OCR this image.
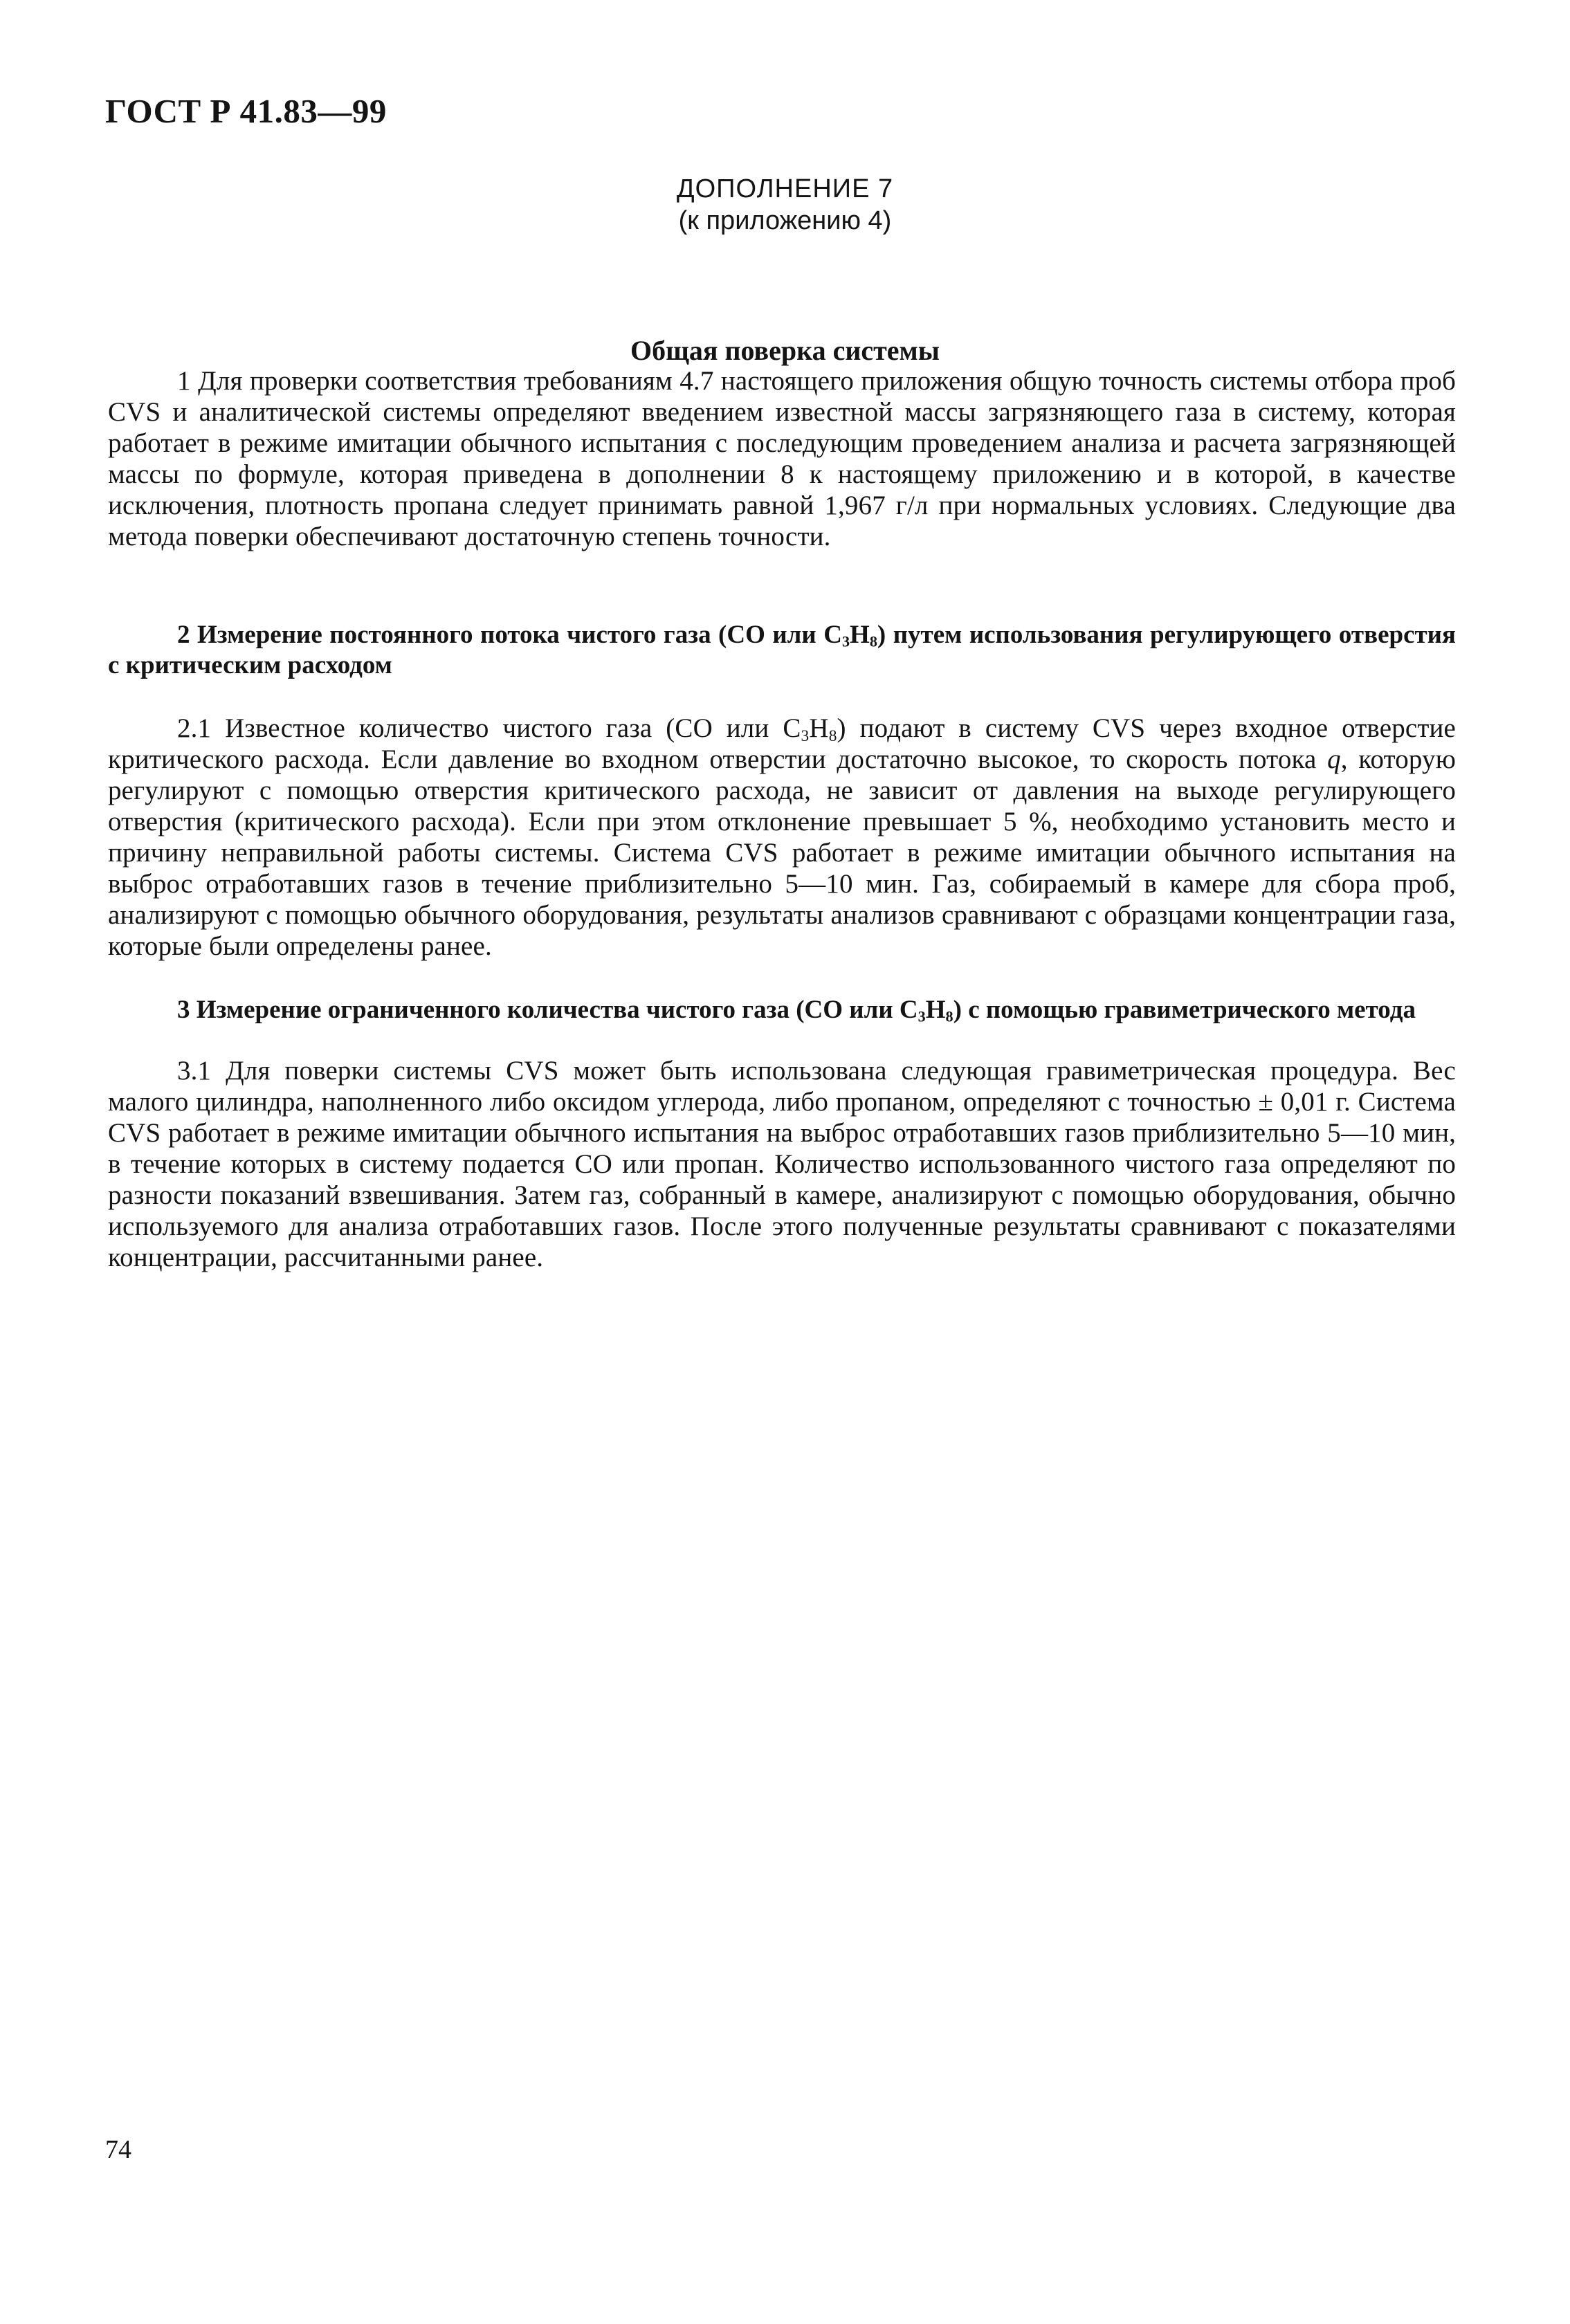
ГОСТ Р 41.83—99
ДОПОЛНЕНИЕ 7
(к приложению 4)
Общая поверка системы
1 Для проверки соответствия требованиям 4.7 настоящего приложения общую точность системы отбора проб CVS и аналитической системы определяют введением известной массы загрязняющего газа в систему, которая работает в режиме имитации обычного испытания с последующим проведением анализа и расчета загрязняющей массы по формуле, которая приведена в дополнении 8 к настоящему приложению и в которой, в качестве исключения, плотность пропана следует принимать равной 1,967 г/л при нормальных условиях. Следующие два метода поверки обеспечивают достаточную степень точности.
2 Измерение постоянного потока чистого газа (СО или $С_3Н_8$) путем использования регулирующего отверстия с критическим расходом
2.1 Известное количество чистого газа (СО или $С_3Н_8$) подают в систему CVS через входное отверстие критического расхода. Если давление во входном отверстии достаточно высокое, то скорость потока q, которую регулируют с помощью отверстия критического расхода, не зависит от давления на выходе регулирующего отверстия (критического расхода). Если при этом отклонение превышает 5 %, необходимо установить место и причину неправильной работы системы. Система CVS работает в режиме имитации обычного испытания на выброс отработавших газов в течение приблизительно 5—10 мин. Газ, собираемый в камере для сбора проб, анализируют с помощью обычного оборудования, результаты анализов сравнивают с образцами концентрации газа, которые были определены ранее.
3 Измерение ограниченного количества чистого газа (СО или $С_3Н_8$) с помощью гравиметрического метода
3.1 Для поверки системы CVS может быть использована следующая гравиметрическая процедура. Вес малого цилиндра, наполненного либо оксидом углерода, либо пропаном, определяют с точностью ± 0,01 г. Система CVS работает в режиме имитации обычного испытания на выброс отработавших газов приблизительно 5—10 мин, в течение которых в систему подается СО или пропан. Количество использованного чистого газа определяют по разности показаний взвешивания. Затем газ, собранный в камере, анализируют с помощью оборудования, обычно используемого для анализа отработавших газов. После этого полученные результаты сравнивают с показателями концентрации, рассчитанными ранее.
74
